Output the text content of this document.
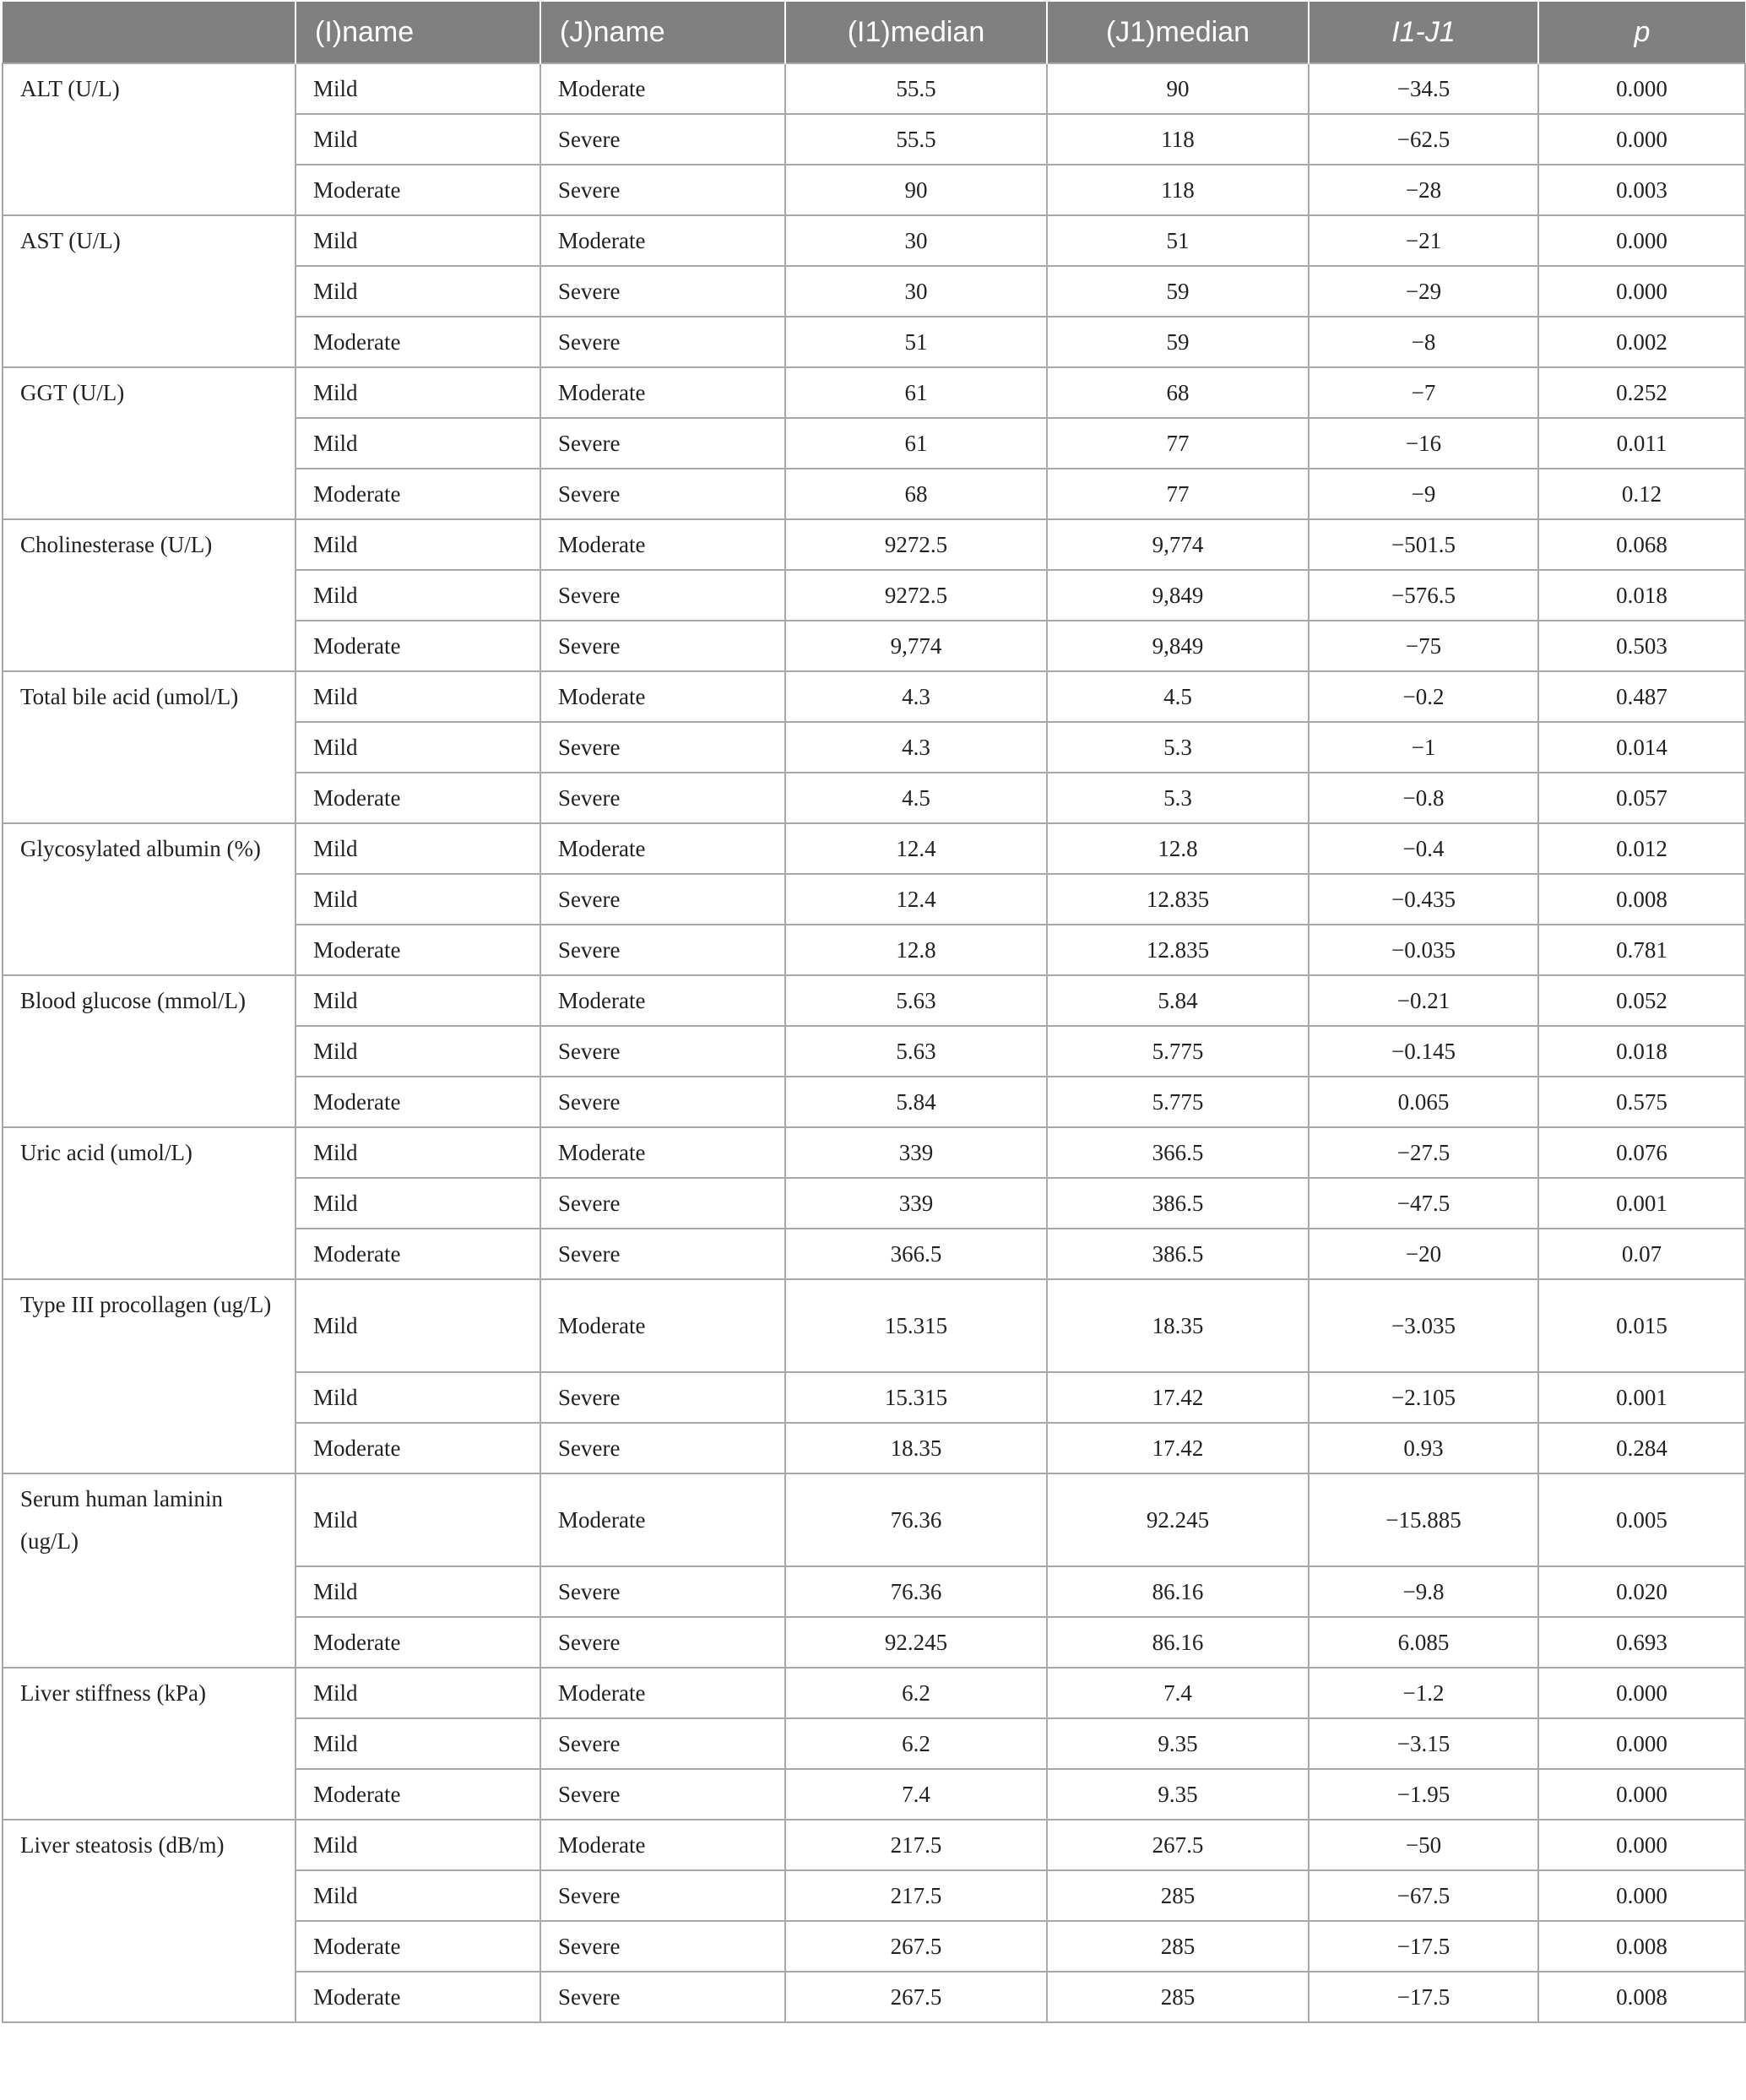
	(I)name	(J)name	(I1)median	(J1)median	I1-J1	p
ALT (U/L)	Mild	Moderate	55.5	90	−34.5	0.000
	Mild	Severe	55.5	118	−62.5	0.000
	Moderate	Severe	90	118	−28	0.003
AST (U/L)	Mild	Moderate	30	51	−21	0.000
	Mild	Severe	30	59	−29	0.000
	Moderate	Severe	51	59	−8	0.002
GGT (U/L)	Mild	Moderate	61	68	−7	0.252
	Mild	Severe	61	77	−16	0.011
	Moderate	Severe	68	77	−9	0.12
Cholinesterase (U/L)	Mild	Moderate	9272.5	9,774	−501.5	0.068
	Mild	Severe	9272.5	9,849	−576.5	0.018
	Moderate	Severe	9,774	9,849	−75	0.503
Total bile acid (umol/L)	Mild	Moderate	4.3	4.5	−0.2	0.487
	Mild	Severe	4.3	5.3	−1	0.014
	Moderate	Severe	4.5	5.3	−0.8	0.057
Glycosylated albumin (%)	Mild	Moderate	12.4	12.8	−0.4	0.012
	Mild	Severe	12.4	12.835	−0.435	0.008
	Moderate	Severe	12.8	12.835	−0.035	0.781
Blood glucose (mmol/L)	Mild	Moderate	5.63	5.84	−0.21	0.052
	Mild	Severe	5.63	5.775	−0.145	0.018
	Moderate	Severe	5.84	5.775	0.065	0.575
Uric acid (umol/L)	Mild	Moderate	339	366.5	−27.5	0.076
	Mild	Severe	339	386.5	−47.5	0.001
	Moderate	Severe	366.5	386.5	−20	0.07
Type III procollagen (ug/L)	Mild	Moderate	15.315	18.35	−3.035	0.015
	Mild	Severe	15.315	17.42	−2.105	0.001
	Moderate	Severe	18.35	17.42	0.93	0.284
Serum human laminin (ug/L)	Mild	Moderate	76.36	92.245	−15.885	0.005
	Mild	Severe	76.36	86.16	−9.8	0.020
	Moderate	Severe	92.245	86.16	6.085	0.693
Liver stiffness (kPa)	Mild	Moderate	6.2	7.4	−1.2	0.000
	Mild	Severe	6.2	9.35	−3.15	0.000
	Moderate	Severe	7.4	9.35	−1.95	0.000
Liver steatosis (dB/m)	Mild	Moderate	217.5	267.5	−50	0.000
	Mild	Severe	217.5	285	−67.5	0.000
	Moderate	Severe	267.5	285	−17.5	0.008
	Moderate	Severe	267.5	285	−17.5	0.008
